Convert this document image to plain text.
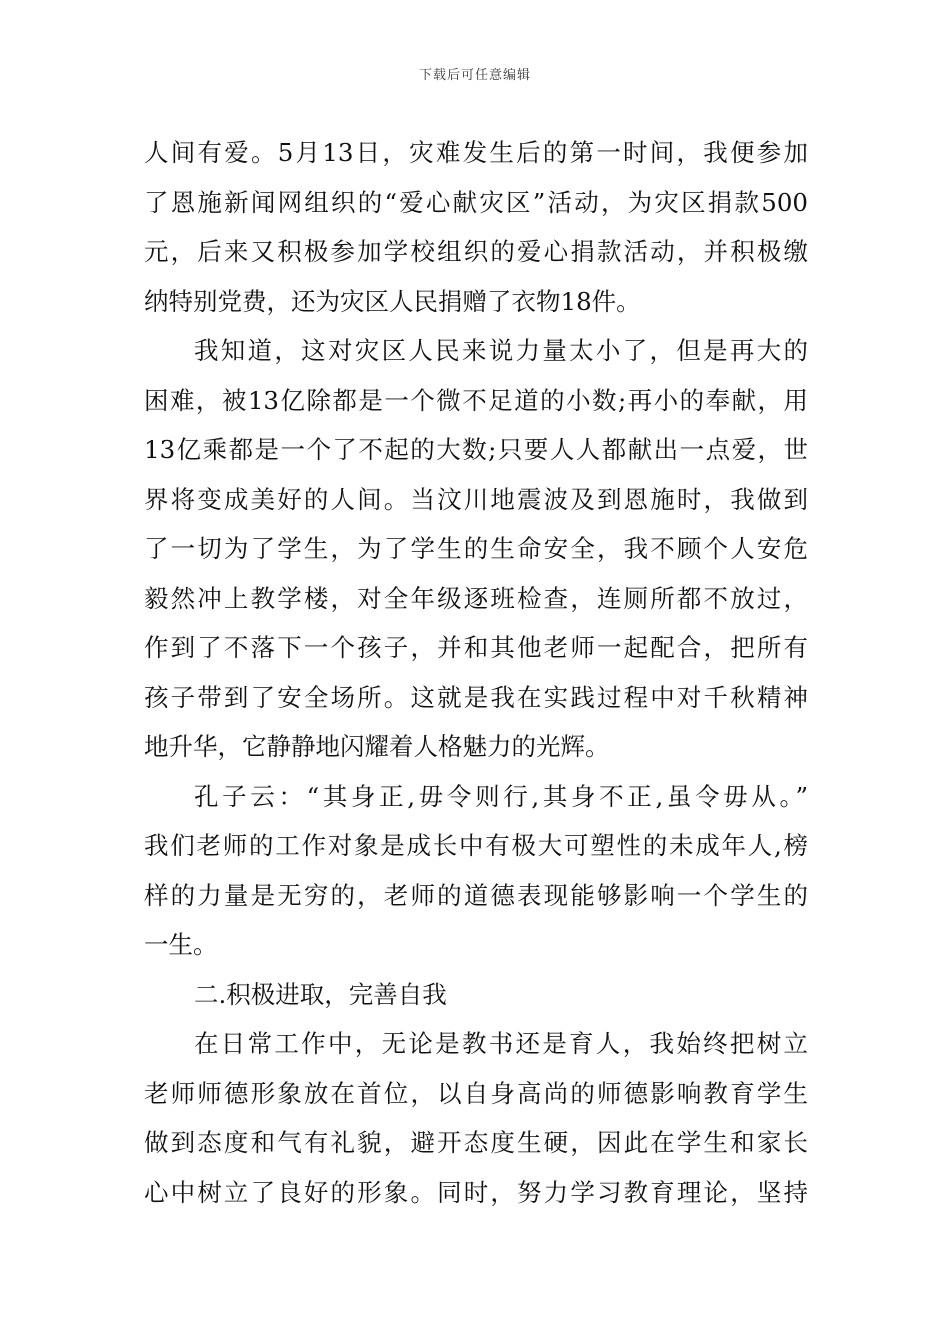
下载后可任意编辑
人间有爱。5月13日，灾难发生后的第一时间，我便参加
了恩施新闻网组织的“爱心献灾区”活动，为灾区捐款500
元，后来又积极参加学校组织的爱心捐款活动，并积极缴
纳特别党费，还为灾区人民捐赠了衣物18件。
我知道，这对灾区人民来说力量太小了，但是再大的
困难，被13亿除都是一个微不足道的小数;再小的奉献，用
13亿乘都是一个了不起的大数;只要人人都献出一点爱，世
界将变成美好的人间。当汶川地震波及到恩施时，我做到
了一切为了学生，为了学生的生命安全，我不顾个人安危
毅然冲上教学楼，对全年级逐班检查，连厕所都不放过，
作到了不落下一个孩子，并和其他老师一起配合，把所有
孩子带到了安全场所。这就是我在实践过程中对千秋精神
地升华，它静静地闪耀着人格魅力的光辉。
孔子云：“其身正,毋令则行,其身不正,虽令毋从。”
我们老师的工作对象是成长中有极大可塑性的未成年人,榜
样的力量是无穷的，老师的道德表现能够影响一个学生的
一生。
二.积极进取，完善自我
在日常工作中，无论是教书还是育人，我始终把树立
老师师德形象放在首位，以自身高尚的师德影响教育学生
做到态度和气有礼貌，避开态度生硬，因此在学生和家长
心中树立了良好的形象。同时，努力学习教育理论，坚持
